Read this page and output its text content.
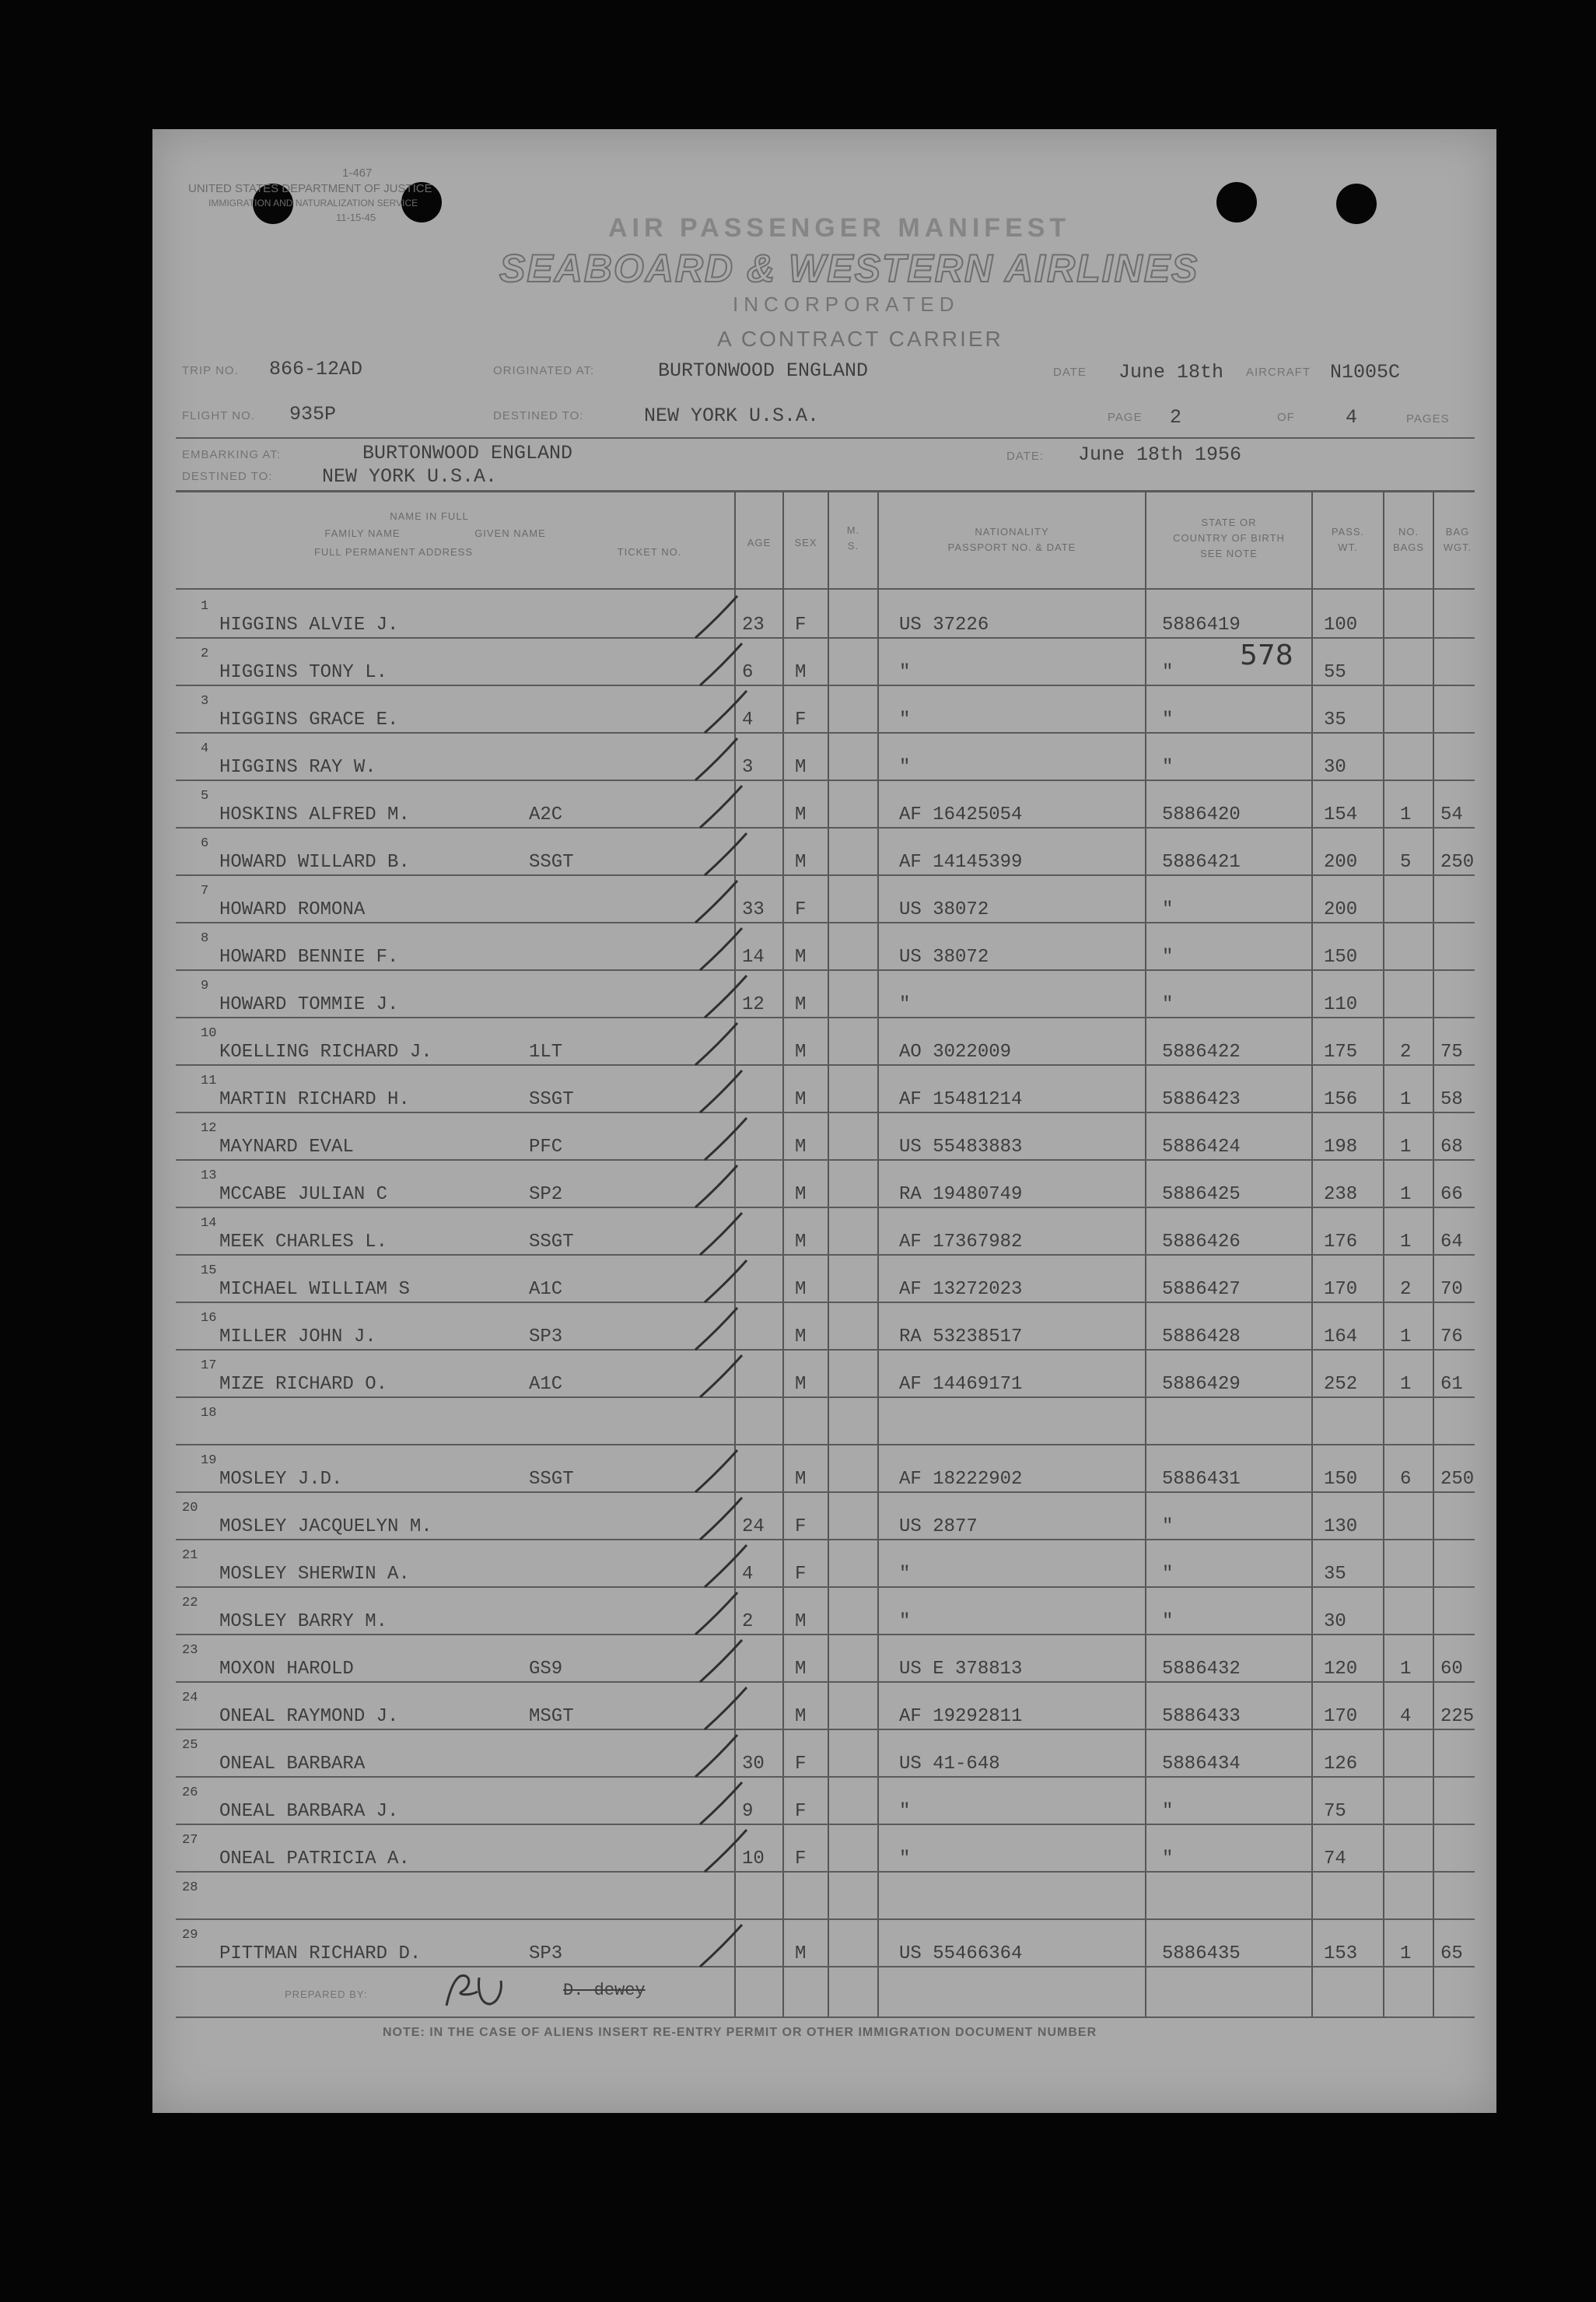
1-467
UNITED STATES DEPARTMENT OF JUSTICE
IMMIGRATION AND NATURALIZATION SERVICE
11-15-45	AIR PASSENGER MANIFEST
SEABOARD & WESTERN AIRLINES
INCORPORATED
A CONTRACT CARRIER
TRIP NO. 866-12AD	ORIGINATED AT:	BURTONWOOD ENGLAND	DATE June 18th AIRCRAFT N1005C
FLIGHT NO. 935P	DESTINED TO:	NEW YORK U.S.A.	PAGE 2	OF	4	PAGES
EMBARKING AT:	BURTONWOOD ENGLAND	DATE: June 18th 1956
DESTINED TO:	NEW YORK U.S.A.
NAME IN FULL
FAMILY NAME	GIVEN NAME
FULL PERMANENT ADDRESS	TICKET NO.
AGE	SEX
M.
S.
NATIONALITY
PASSPORT NO. & DATE
STATE OR
COUNTRY OF BIRTH
SEE NOTE
PASS.
WT.
NO.
BAGS
BAG
WGT.
1
HIGGINS ALVIE J.	23 F	US 37226	5886419	100
2
HIGGINS TONY L.	6 M	"	"	55
3
HIGGINS GRACE E.	4 F	"	"	35
4
HIGGINS RAY W.	3 M	"	"	30
5
HOSKINS ALFRED M.	A2C	M	AF 16425054	5886420	154 1 54
6
HOWARD WILLARD B.	SSGT	M	AF 14145399	5886421	200 5 250
7
HOWARD ROMONA	33 F	US 38072	"	200
8
HOWARD BENNIE F.	14 M	US 38072	"	150
9
HOWARD TOMMIE J.	12 M	"	"	110
10
KOELLING RICHARD J.	1LT	M	AO 3022009	5886422	175 2 75
11
MARTIN RICHARD H.	SSGT	M	AF 15481214	5886423	156 1 58
12
MAYNARD EVAL	PFC	M	US 55483883	5886424	198 1 68
13
MCCABE JULIAN C	SP2	M	RA 19480749	5886425	238 1 66
14
MEEK CHARLES L.	SSGT	M	AF 17367982	5886426	176 1 64
15
MICHAEL WILLIAM S	A1C	M	AF 13272023	5886427	170 2 70
16
MILLER JOHN J.	SP3	M	RA 53238517	5886428	164 1 76
17
MIZE RICHARD O.	A1C	M	AF 14469171	5886429	252 1 61
18
19
MOSLEY J.D.	SSGT	M	AF 18222902	5886431	150 6 250
20
MOSLEY JACQUELYN M.	24 F	US 2877	"	130
21
MOSLEY SHERWIN A.	4 F	"	"	35
22
MOSLEY BARRY M.	2 M	"	"	30
23
MOXON HAROLD	GS9	M	US E 378813	5886432	120 1 60
24
ONEAL RAYMOND J.	MSGT	M	AF 19292811	5886433	170 4 225
25
ONEAL BARBARA	30 F	US 41-648	5886434	126
26
ONEAL BARBARA J.	9 F	"	"	75
27
ONEAL PATRICIA A.	10 F	"	"	74
28
29
PITTMAN RICHARD D.	SP3	M	US 55466364	5886435	153 1 65
578
PREPARED BY:	D. dewey
NOTE: IN THE CASE OF ALIENS INSERT RE-ENTRY PERMIT OR OTHER IMMIGRATION DOCUMENT NUMBER
